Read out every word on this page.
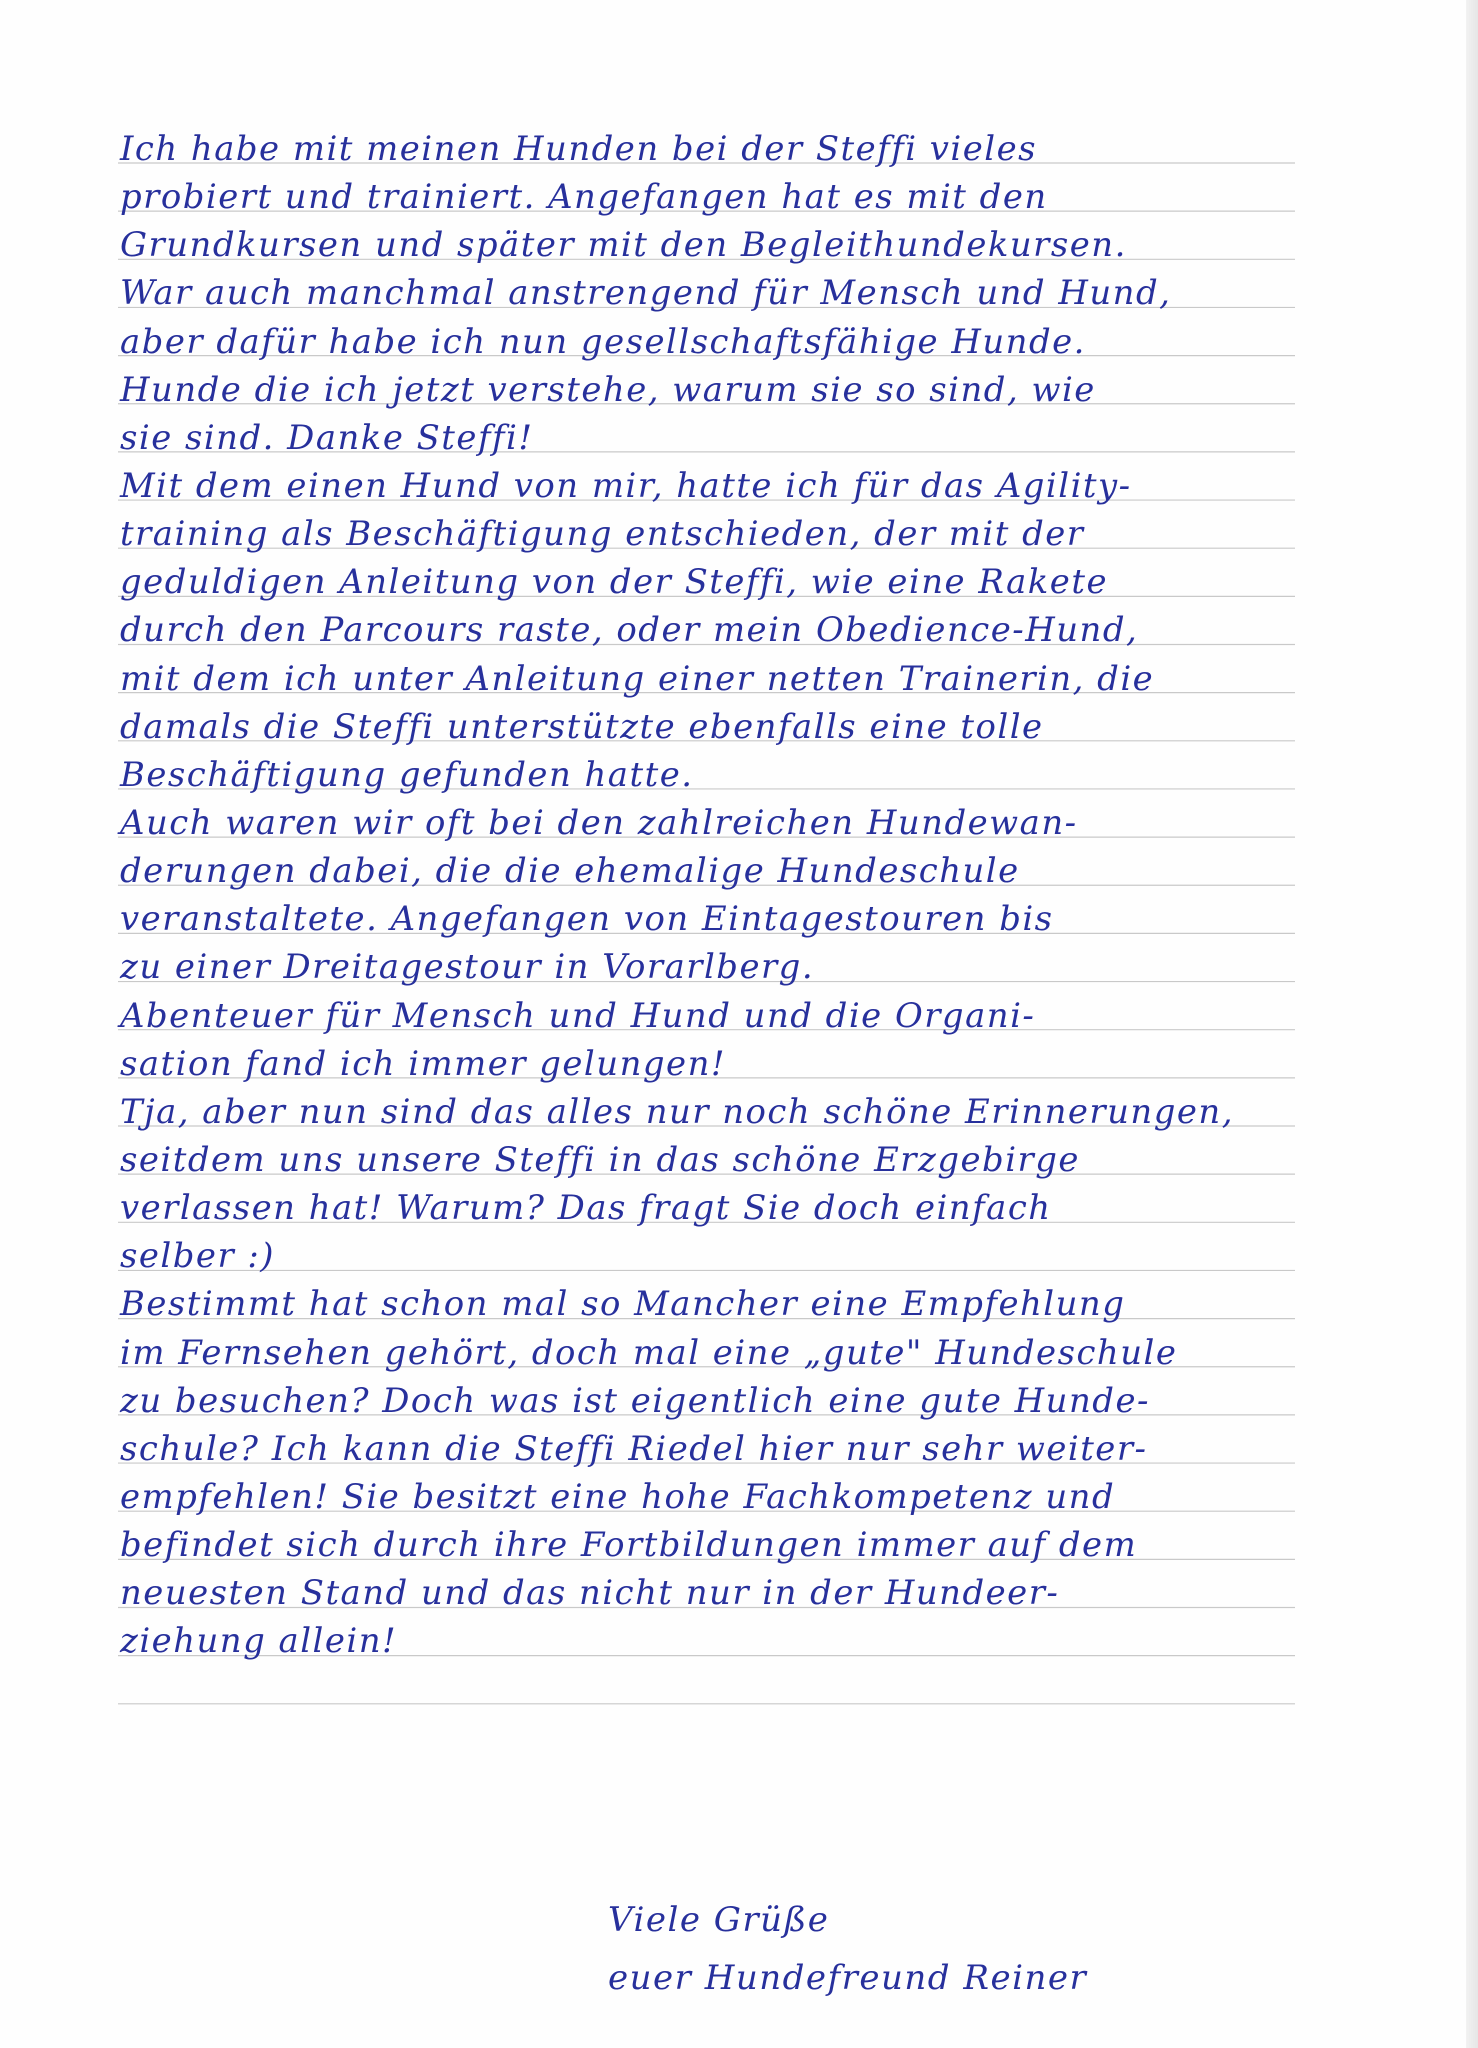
Ich habe mit meinen Hunden bei der Steffi vieles
probiert und trainiert. Angefangen hat es mit den
Grundkursen und später mit den Begleithundekursen.
War auch manchmal anstrengend für Mensch und Hund,
aber dafür habe ich nun gesellschaftsfähige Hunde.
Hunde die ich jetzt verstehe, warum sie so sind, wie
sie sind. Danke Steffi!
Mit dem einen Hund von mir, hatte ich für das Agility-
training als Beschäftigung entschieden, der mit der
geduldigen Anleitung von der Steffi, wie eine Rakete
durch den Parcours raste, oder mein Obedience-Hund,
mit dem ich unter Anleitung einer netten Trainerin, die
damals die Steffi unterstützte ebenfalls eine tolle
Beschäftigung gefunden hatte.
Auch waren wir oft bei den zahlreichen Hundewan-
derungen dabei, die die ehemalige Hundeschule
veranstaltete. Angefangen von Eintagestouren bis
zu einer Dreitagestour in Vorarlberg.
Abenteuer für Mensch und Hund und die Organi-
sation fand ich immer gelungen!
Tja, aber nun sind das alles nur noch schöne Erinnerungen,
seitdem uns unsere Steffi in das schöne Erzgebirge
verlassen hat! Warum? Das fragt Sie doch einfach
selber :)
Bestimmt hat schon mal so Mancher eine Empfehlung
im Fernsehen gehört, doch mal eine „gute" Hundeschule
zu besuchen? Doch was ist eigentlich eine gute Hunde-
schule? Ich kann die Steffi Riedel hier nur sehr weiter-
empfehlen! Sie besitzt eine hohe Fachkompetenz und
befindet sich durch ihre Fortbildungen immer auf dem
neuesten Stand und das nicht nur in der Hundeer-
ziehung allein!
Viele Grüße
euer Hundefreund Reiner
